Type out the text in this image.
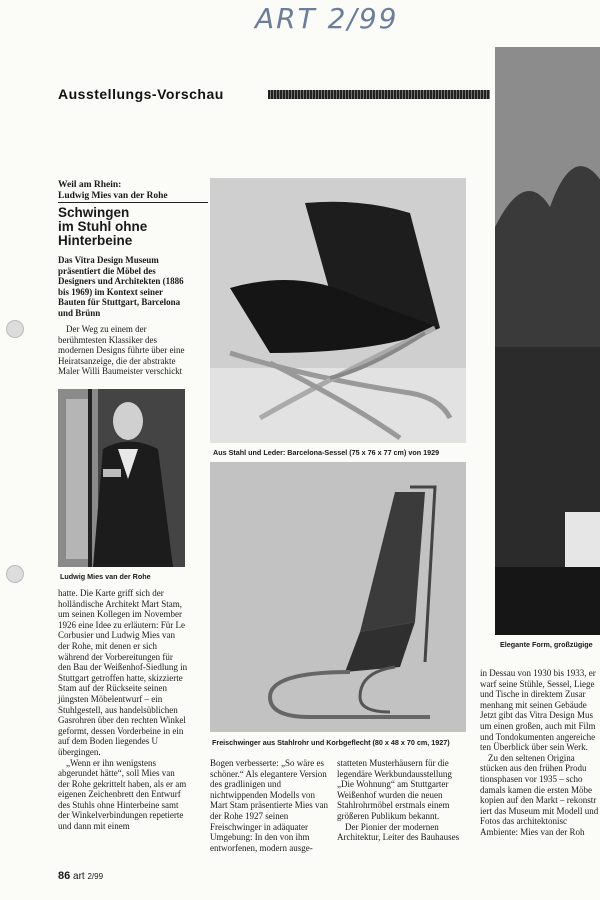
ART 2/99
Ausstellungs-Vorschau
Weil am Rhein:
Ludwig Mies van der Rohe
Schwingen
im Stuhl ohne
Hinterbeine
Das Vitra Design Museum präsentiert die Möbel des Designers und Architekten (1886 bis 1969) im Kontext seiner Bauten für Stuttgart, Barcelona und Brünn

Der Weg zu einem der berühmtesten Klassiker des modernen Designs führte über eine Heiratsanzeige, die der abstrakte Maler Willi Baumeister verschickt

Ludwig Mies van der Rohe
Aus Stahl und Leder: Barcelona-Sessel (75 x 76 x 77 cm) von 1929
Freischwinger aus Stahlrohr und Korbgeflecht (80 x 48 x 70 cm, 1927)
Elegante Form, großzügige

hatte. Die Karte griff sich der holländische Architekt Mart Stam, um seinen Kollegen im November 1926 eine Idee zu erläutern: Für Le Corbusier und Ludwig Mies van der Rohe, mit denen er sich während der Vorbereitungen für den Bau der Weißenhof-Siedlung in Stuttgart getroffen hatte, skizzierte Stam auf der Rückseite seinen jüngsten Möbelentwurf – ein Stuhlgestell, aus handelsüblichen Gasrohren über den rechten Winkel geformt, dessen Vorderbeine in ein auf dem Boden liegendes U übergingen.

„Wenn er ihn wenigstens abgerundet hätte“, soll Mies van der Rohe gekrittelt haben, als er am eigenen Zeichenbrett den Entwurf des Stuhls ohne Hinterbeine samt der Winkelverbindungen repetierte und dann mit einem

Bogen verbesserte: „So wäre es schöner.“ Als elegantere Version des gradlinigen und nichtwippenden Modells von Mart Stam präsentierte Mies van der Rohe 1927 seinen Freischwinger in adäquater Umgebung: In den von ihm entworfenen, modern ausge-

statteten Musterhäusern für die legendäre Werkbundausstellung „Die Wohnung“ am Stuttgarter Weißenhof wurden die neuen Stahlrohrmöbel erstmals einem größeren Publikum bekannt.

Der Pionier der modernen Architektur, Leiter des Bauhauses

in Dessau von 1930 bis 1933, er warf seine Stühle, Sessel, Liege und Tische in direktem Zusar menhang mit seinen Gebäude Jetzt gibt das Vitra Design Mus um einen großen, auch mit Film und Tondokumenten angereiche ten Überblick über sein Werk.

Zu den seltenen Origina stücken aus den frühen Produ tionsphasen vor 1935 – scho damals kamen die ersten Möbe kopien auf den Markt – rekonstr iert das Museum mit Modell und Fotos das architektonisc Ambiente: Mies van der Roh

86 art 2/99
